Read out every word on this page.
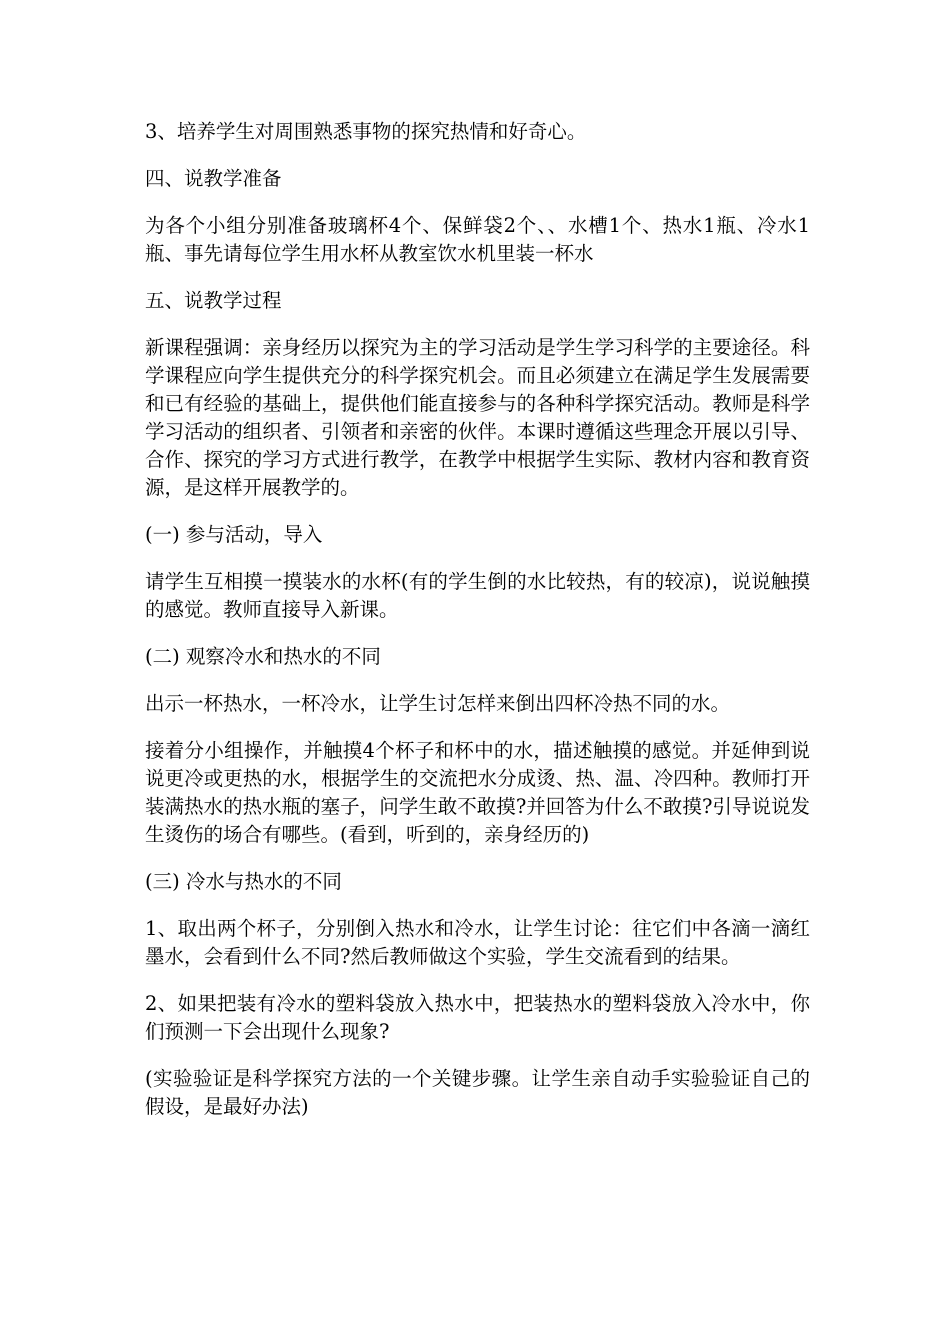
3、培养学生对周围熟悉事物的探究热情和好奇心。

四、说教学准备

为各个小组分别准备玻璃杯4个、保鲜袋2个、、水槽1个、热水1瓶、冷水1瓶、事先请每位学生用水杯从教室饮水机里装一杯水

五、说教学过程

新课程强调：亲身经历以探究为主的学习活动是学生学习科学的主要途径。科学课程应向学生提供充分的科学探究机会。而且必须建立在满足学生发展需要和已有经验的基础上，提供他们能直接参与的各种科学探究活动。教师是科学学习活动的组织者、引领者和亲密的伙伴。本课时遵循这些理念开展以引导、合作、探究的学习方式进行教学，在教学中根据学生实际、教材内容和教育资源，是这样开展教学的。

(一) 参与活动，导入

请学生互相摸一摸装水的水杯(有的学生倒的水比较热，有的较凉)，说说触摸的感觉。教师直接导入新课。

(二) 观察冷水和热水的不同

出示一杯热水，一杯冷水，让学生讨怎样来倒出四杯冷热不同的水。

接着分小组操作，并触摸4个杯子和杯中的水，描述触摸的感觉。并延伸到说说更冷或更热的水，根据学生的交流把水分成烫、热、温、冷四种。教师打开装满热水的热水瓶的塞子，问学生敢不敢摸?并回答为什么不敢摸?引导说说发生烫伤的场合有哪些。(看到，听到的，亲身经历的)

(三) 冷水与热水的不同

1、取出两个杯子，分别倒入热水和冷水，让学生讨论：往它们中各滴一滴红墨水，会看到什么不同?然后教师做这个实验，学生交流看到的结果。

2、如果把装有冷水的塑料袋放入热水中，把装热水的塑料袋放入冷水中，你们预测一下会出现什么现象?

(实验验证是科学探究方法的一个关键步骤。让学生亲自动手实验验证自己的假设，是最好办法)
